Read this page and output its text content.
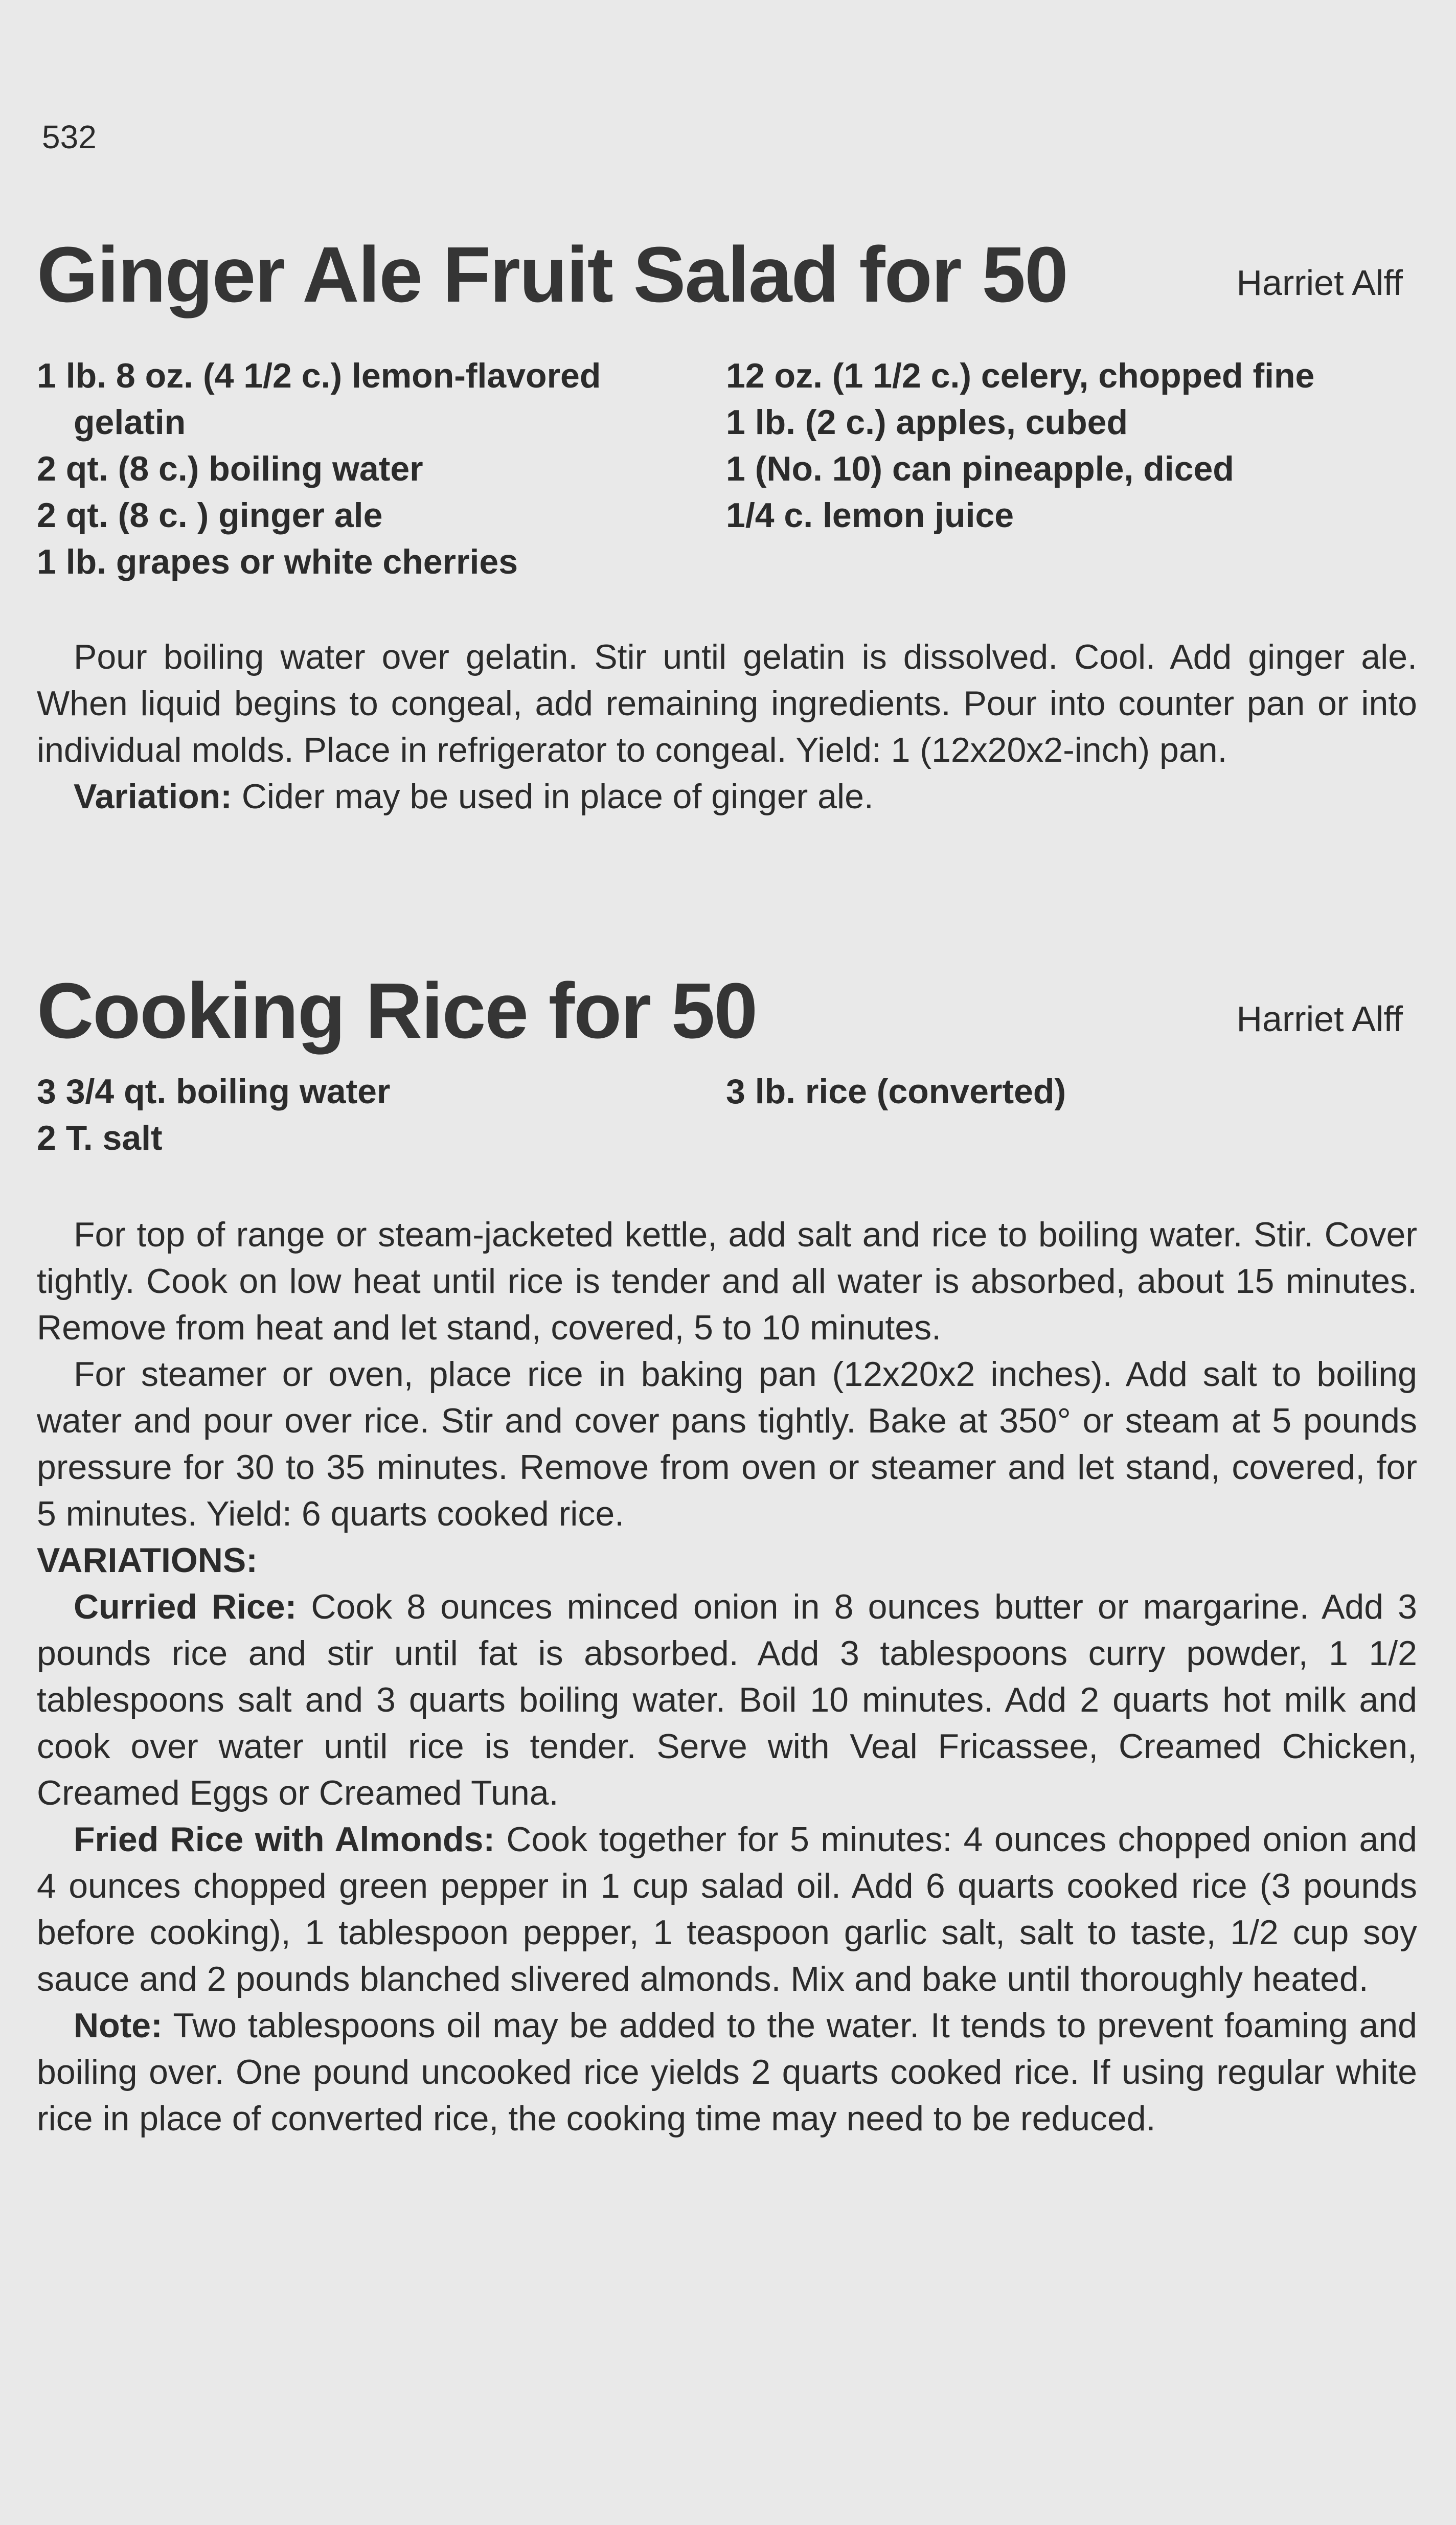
532
Ginger Ale Fruit Salad for 50	Harriet Alff
1 lb. 8 oz. (4 1/2 c.) lemon-flavored gelatin
2 qt. (8 c.) boiling water
2 qt. (8 c. ) ginger ale
1 lb. grapes or white cherries
12 oz. (1 1/2 c.) celery, chopped fine
1 lb. (2 c.) apples, cubed
1 (No. 10) can pineapple, diced
1/4 c. lemon juice

Pour boiling water over gelatin. Stir until gelatin is dissolved. Cool. Add ginger ale. When liquid begins to congeal, add remaining ingredients. Pour into counter pan or into individual molds. Place in refrigerator to congeal. Yield: 1 (12x20x2-inch) pan.

Variation: Cider may be used in place of ginger ale.

Cooking Rice for 50	Harriet Alff
3 3/4 qt. boiling water
2 T. salt
3 lb. rice (converted)

For top of range or steam-jacketed kettle, add salt and rice to boiling water. Stir. Cover tightly. Cook on low heat until rice is tender and all water is absorbed, about 15 minutes. Remove from heat and let stand, covered, 5 to 10 minutes.

For steamer or oven, place rice in baking pan (12x20x2 inches). Add salt to boiling water and pour over rice. Stir and cover pans tightly. Bake at 350° or steam at 5 pounds pressure for 30 to 35 minutes. Remove from oven or steamer and let stand, covered, for 5 minutes. Yield: 6 quarts cooked rice.

VARIATIONS:

Curried Rice: Cook 8 ounces minced onion in 8 ounces butter or margarine. Add 3 pounds rice and stir until fat is absorbed. Add 3 tablespoons curry powder, 1 1/2 tablespoons salt and 3 quarts boiling water. Boil 10 minutes. Add 2 quarts hot milk and cook over water until rice is tender. Serve with Veal Fricassee, Creamed Chicken, Creamed Eggs or Creamed Tuna.

Fried Rice with Almonds: Cook together for 5 minutes: 4 ounces chopped onion and 4 ounces chopped green pepper in 1 cup salad oil. Add 6 quarts cooked rice (3 pounds before cooking), 1 tablespoon pepper, 1 teaspoon garlic salt, salt to taste, 1/2 cup soy sauce and 2 pounds blanched slivered almonds. Mix and bake until thoroughly heated.

Note: Two tablespoons oil may be added to the water. It tends to prevent foaming and boiling over. One pound uncooked rice yields 2 quarts cooked rice. If using regular white rice in place of converted rice, the cooking time may need to be reduced.
